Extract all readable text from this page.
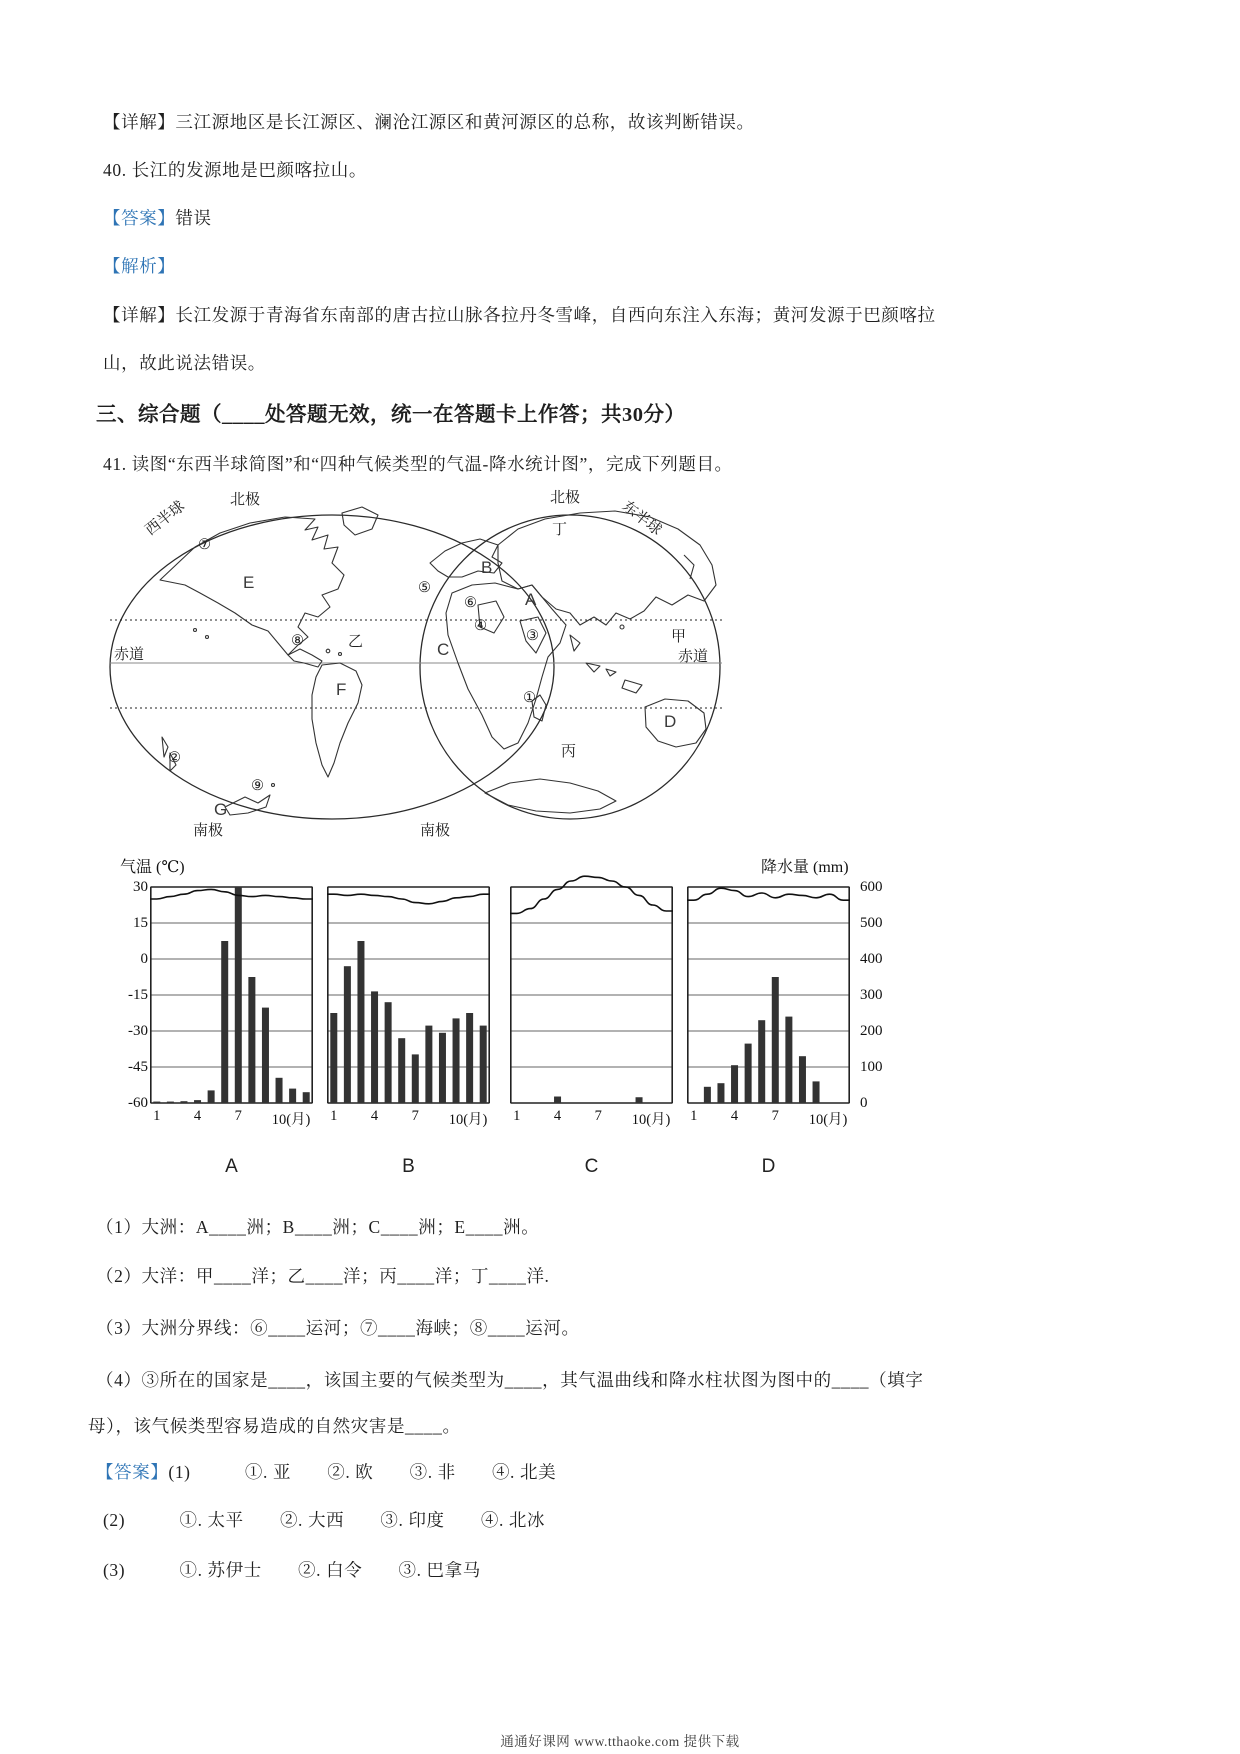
【详解】三江源地区是长江源区、澜沧江源区和黄河源区的总称，故该判断错误。
40. 长江的发源地是巴颜喀拉山。
【答案】错误
【解析】
【详解】长江发源于青海省东南部的唐古拉山脉各拉丹冬雪峰，自西向东注入东海；黄河发源于巴颜喀拉
山，故此说法错误。
三、综合题（____处答题无效，统一在答题卡上作答；共30分）
41. 读图“东西半球简图”和“四种气候类型的气温-降水统计图”，完成下列题目。
西半球	北极	北极
东半球
丁
⑦
B
E	⑤
A
⑥
④
③
⑧	乙	甲
赤道	赤道
C
F	①
D
丙
②
⑨
G
南极	南极
气温 (℃)	降水量 (mm)
30
15
0
-15
-30
-45
-60
600
500
400
300
200
100
0
1 4 7 10(月)
A
1 4 7 10(月)
B
1 4 7 10(月)
C
1 4 7 10(月)
D
（1）大洲：A____洲；B____洲；C____洲；E____洲。
（2）大洋：甲____洋；乙____洋；丙____洋；丁____洋.
（3）大洲分界线：⑥____运河；⑦____海峡；⑧____运河。
（4）③所在的国家是____，该国主要的气候类型为____，其气温曲线和降水柱状图为图中的____（填字
母），该气候类型容易造成的自然灾害是____。
【答案】(1)　　　①. 亚　　②. 欧　　③. 非　　④. 北美
(2)　　　①. 太平　　②. 大西　　③. 印度　　④. 北冰
(3)　　　①. 苏伊士　　②. 白令　　③. 巴拿马
通通好课网 www.tthaoke.com 提供下载
